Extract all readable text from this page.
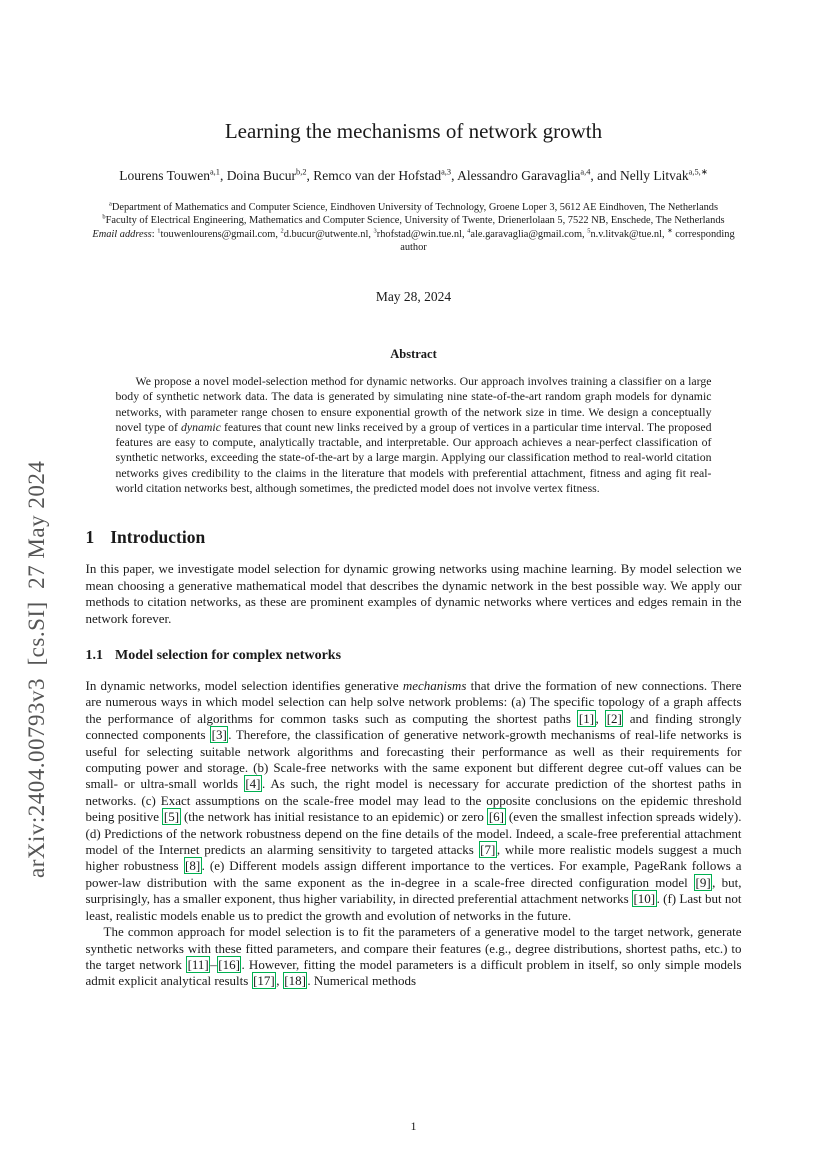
arXiv:2404.00793v3  [cs.SI]  27 May 2024
Learning the mechanisms of network growth
Lourens Touwen$^{a,1}$, Doina Bucur$^{b,2}$, Remco van der Hofstad$^{a,3}$, Alessandro Garavaglia$^{a,4}$, and Nelly Litvak$^{a,5,∗}$
$^a$Department of Mathematics and Computer Science, Eindhoven University of Technology, Groene Loper 3, 5612 AE Eindhoven, The Netherlands
$^b$Faculty of Electrical Engineering, Mathematics and Computer Science, University of Twente, Drienerlolaan 5, 7522 NB, Enschede, The Netherlands
Email address: $^1$touwenlourens@gmail.com, $^2$d.bucur@utwente.nl, $^3$rhofstad@win.tue.nl, $^4$ale.garavaglia@gmail.com, $^5$n.v.litvak@tue.nl, ∗ corresponding author
May 28, 2024
Abstract

We propose a novel model-selection method for dynamic networks. Our approach involves training a classifier on a large body of synthetic network data. The data is generated by simulating nine state-of-the-art random graph models for dynamic networks, with parameter range chosen to ensure exponential growth of the network size in time. We design a conceptually novel type of dynamic features that count new links received by a group of vertices in a particular time interval. The proposed features are easy to compute, analytically tractable, and interpretable. Our approach achieves a near-perfect classification of synthetic networks, exceeding the state-of-the-art by a large margin. Applying our classification method to real-world citation networks gives credibility to the claims in the literature that models with preferential attachment, fitness and aging fit real-world citation networks best, although sometimes, the predicted model does not involve vertex fitness.

1 Introduction

In this paper, we investigate model selection for dynamic growing networks using machine learning. By model selection we mean choosing a generative mathematical model that describes the dynamic network in the best possible way. We apply our methods to citation networks, as these are prominent examples of dynamic networks where vertices and edges remain in the network forever.

1.1 Model selection for complex networks

In dynamic networks, model selection identifies generative mechanisms that drive the formation of new connections. There are numerous ways in which model selection can help solve network problems: (a) The specific topology of a graph affects the performance of algorithms for common tasks such as computing the shortest paths [1] , [2] and finding strongly connected components [3] . Therefore, the classification of generative network-growth mechanisms of real-life networks is useful for selecting suitable network algorithms and forecasting their performance as well as their requirements for computing power and storage. (b) Scale-free networks with the same exponent but different degree cut-off values can be small- or ultra-small worlds [4] . As such, the right model is necessary for accurate prediction of the shortest paths in networks. (c) Exact assumptions on the scale-free model may lead to the opposite conclusions on the epidemic threshold being positive [5] (the network has initial resistance to an epidemic) or zero [6] (even the smallest infection spreads widely). (d) Predictions of the network robustness depend on the fine details of the model. Indeed, a scale-free preferential attachment model of the Internet predicts an alarming sensitivity to targeted attacks [7] , while more realistic models suggest a much higher robustness [8] . (e) Different models assign different importance to the vertices. For example, PageRank follows a power-law distribution with the same exponent as the in-degree in a scale-free directed configuration model [9] , but, surprisingly, has a smaller exponent, thus higher variability, in directed preferential attachment networks [10] . (f) Last but not least, realistic models enable us to predict the growth and evolution of networks in the future.

The common approach for model selection is to fit the parameters of a generative model to the target network, generate synthetic networks with these fitted parameters, and compare their features (e.g., degree distributions, shortest paths, etc.) to the target network [11] – [16] . However, fitting the model parameters is a difficult problem in itself, so only simple models admit explicit analytical results [17] , [18] . Numerical methods

1
